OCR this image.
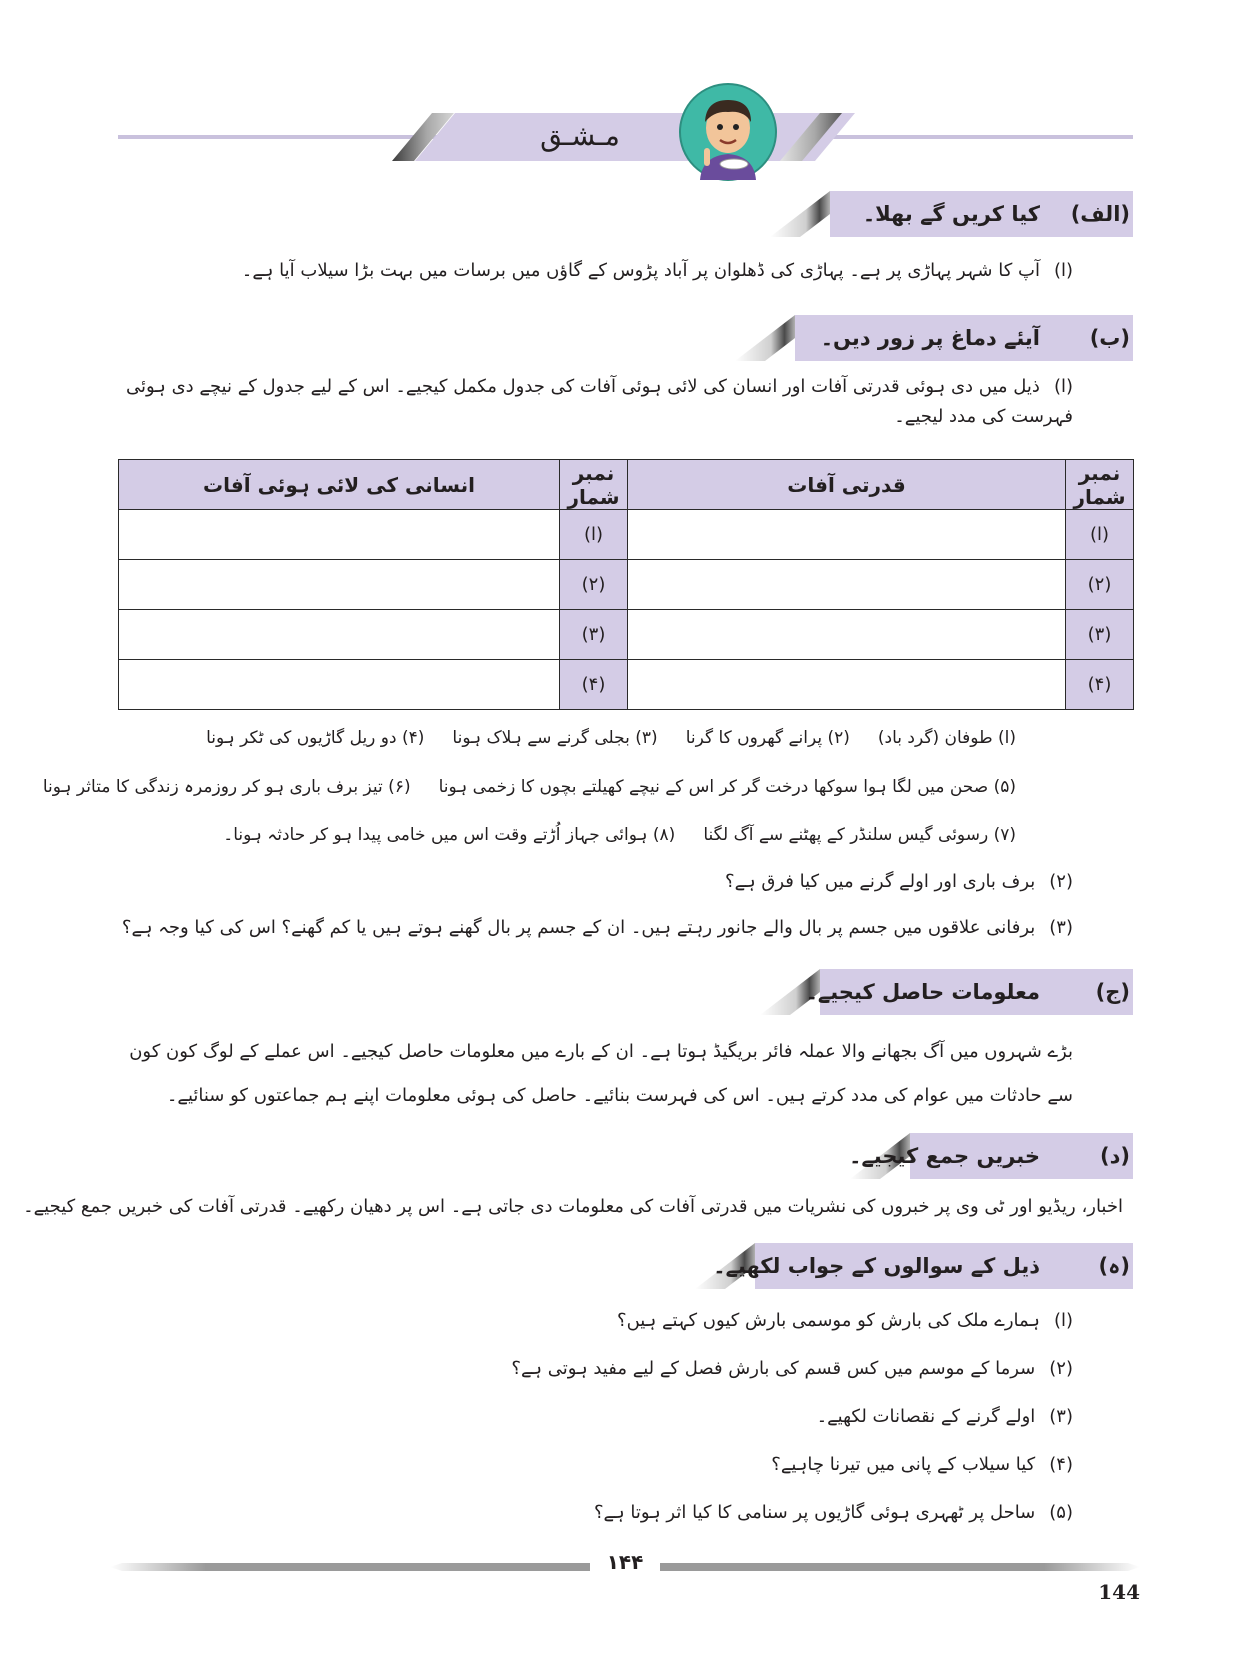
مـشـق
کیا کریں گے بھلا۔	(الف)
(ا)آپ کا شہر پہاڑی پر ہے۔ پہاڑی کی ڈھلوان پر آباد پڑوس کے گاؤں میں برسات میں بہت بڑا سیلاب آیا ہے۔
آیئے دماغ پر زور دیں۔	(ب)
(ا)ذیل میں دی ہوئی قدرتی آفات اور انسان کی لائی ہوئی آفات کی جدول مکمل کیجیے۔ اس کے لیے جدول کے نیچے دی ہوئی فہرست کی مدد لیجیے۔
نمبر شمار	قدرتی آفات	نمبر شمار	انسانی کی لائی ہوئی آفات
(ا)		(ا)	
(۲)		(۲)	
(۳)		(۳)	
(۴)		(۴)	
(ا) طوفان (گرد باد)(۲) پرانے گھروں کا گرنا(۳) بجلی گرنے سے ہلاک ہونا(۴) دو ریل گاڑیوں کی ٹکر ہونا
(۵) صحن میں لگا ہوا سوکھا درخت گر کر اس کے نیچے کھیلتے بچوں کا زخمی ہونا(۶) تیز برف باری ہو کر روزمرہ زندگی کا متاثر ہونا
(۷) رسوئی گیس سلنڈر کے پھٹنے سے آگ لگنا(۸) ہوائی جہاز اُڑتے وقت اس میں خامی پیدا ہو کر حادثہ ہونا۔
(۲)برف باری اور اولے گرنے میں کیا فرق ہے؟
(۳)برفانی علاقوں میں جسم پر بال والے جانور رہتے ہیں۔ ان کے جسم پر بال گھنے ہوتے ہیں یا کم گھنے؟ اس کی کیا وجہ ہے؟
معلومات حاصل کیجیے۔	(ج)
بڑے شہروں میں آگ بجھانے والا عملہ فائر بریگیڈ ہوتا ہے۔ ان کے بارے میں معلومات حاصل کیجیے۔ اس عملے کے لوگ کون کون سے حادثات میں عوام کی مدد کرتے ہیں۔ اس کی فہرست بنائیے۔ حاصل کی ہوئی معلومات اپنے ہم جماعتوں کو سنائیے۔
خبریں جمع کیجیے۔	(د)
اخبار، ریڈیو اور ٹی وی پر خبروں کی نشریات میں قدرتی آفات کی معلومات دی جاتی ہے۔ اس پر دھیان رکھیے۔ قدرتی آفات کی خبریں جمع کیجیے۔
ذیل کے سوالوں کے جواب لکھیے۔	(ہ)
(ا)ہمارے ملک کی بارش کو موسمی بارش کیوں کہتے ہیں؟
(۲)سرما کے موسم میں کس قسم کی بارش فصل کے لیے مفید ہوتی ہے؟
(۳)اولے گرنے کے نقصانات لکھیے۔
(۴)کیا سیلاب کے پانی میں تیرنا چاہیے؟
(۵)ساحل پر ٹھہری ہوئی گاڑیوں پر سنامی کا کیا اثر ہوتا ہے؟
۱۴۴
144
